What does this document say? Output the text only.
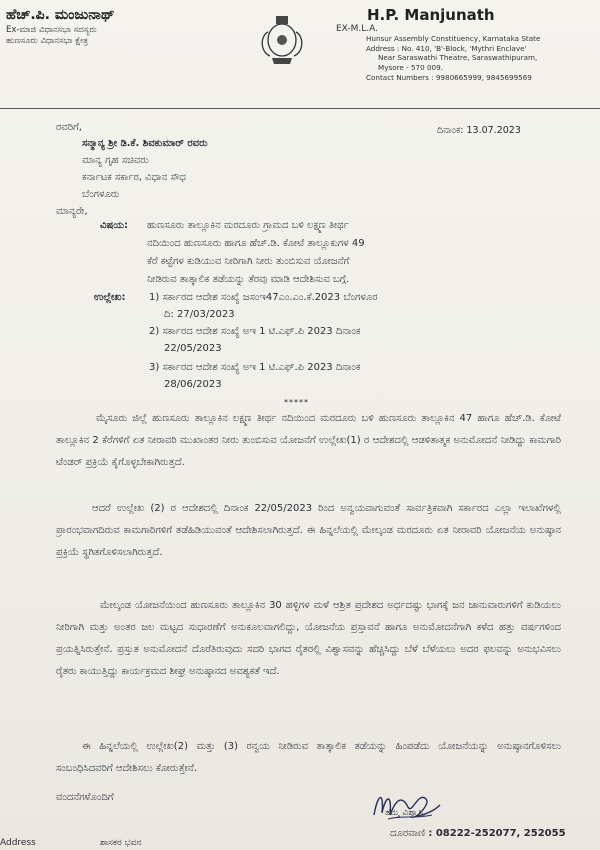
ಹೆಚ್.ಪಿ. ಮಂಜುನಾಥ್
Ex-ಮಾಜಿ ವಿಧಾನಸಭಾ ಸದಸ್ಯರು
ಹುಣಸೂರು ವಿಧಾನಸಭಾ ಕ್ಷೇತ್ರ
H.P. Manjunath
EX-M.L.A.
Hunsur Assembly Constituency, Karnataka State
Address : No. 410, 'B'-Block, 'Mythri Enclave'
Near Saraswathi Theatre, Saraswathipuram,
Mysore - 570 009.
Contact Numbers : 9980665999, 9845699569
ರವರಿಗೆ,	ದಿನಾಂಕ: 13.07.2023
ಸನ್ಮಾನ್ಯ ಶ್ರೀ ಡಿ.ಕೆ. ಶಿವಕುಮಾರ್ ರವರು
ಮಾನ್ಯ ಗೃಹ ಸಚಿವರು
ಕರ್ನಾಟಕ ಸರ್ಕಾರ, ವಿಧಾನ ಸೌಧ
ಬೆಂಗಳೂರು
ಮಾನ್ಯರೇ,
ವಿಷಯ: ಹುಣಸೂರು ತಾಲ್ಲೂಕಿನ ಮರದೂರು ಗ್ರಾಮದ ಬಳಿ ಲಕ್ಷ್ಮಣ ತೀರ್ಥ
ನದಿಯಿಂದ ಹುಣಸೂರು ಹಾಗೂ ಹೆಚ್.ಡಿ. ಕೋಟೆ ತಾಲ್ಲೂಕುಗಳ 49
ಕೆರೆ ಕಟ್ಟೆಗಳ ಕುಡಿಯುವ ನೀರಿಗಾಗಿ ನೀರು ತುಂಬಿಸುವ ಯೋಜನೆಗೆ
ನೀಡಿರುವ ತಾತ್ಕಾಲಿಕ ತಡೆಯನ್ನು ತೆರವು ಮಾಡಿ ಆದೇಶಿಸುವ ಬಗ್ಗೆ.
ಉಲ್ಲೇಖ: 1) ಸರ್ಕಾರದ ಆದೇಶ ಸಂಖ್ಯೆ ಜಸಂಇ47ಎಂ.ಎಂ.ಕೆ.2023 ಬೆಂಗಳೂರ
ದಿ: 27/03/2023
2) ಸರ್ಕಾರದ ಆದೇಶ ಸಂಖ್ಯೆ ಅಇ 1 ಟಿ.ಎಫ್.ಪಿ 2023 ದಿನಾಂಕ
22/05/2023
3) ಸರ್ಕಾರದ ಆದೇಶ ಸಂಖ್ಯೆ ಅಇ 1 ಟಿ.ಎಫ್.ಪಿ 2023 ದಿನಾಂಕ
28/06/2023
*****
ಮೈಸೂರು ಜಿಲ್ಲೆ ಹುಣಸೂರು ತಾಲ್ಲೂಕಿನ ಲಕ್ಷ್ಮಣ ತೀರ್ಥ ನದಿಯಿಂದ ಮರದೂರು ಬಳಿ ಹುಣಸೂರು ತಾಲ್ಲೂಕಿನ 47 ಹಾಗೂ ಹೆಚ್.ಡಿ. ಕೋಟೆ ತಾಲ್ಲೂಕಿನ 2 ಕೆರೆಗಳಿಗೆ ಏತ ನೀರಾವರಿ ಮುಖಾಂತರ ನೀರು ತುಂಬಿಸುವ ಯೋಜನೆಗೆ ಉಲ್ಲೇಖ(1) ರ ಆದೇಶದಲ್ಲಿ ಆಡಳಿತಾತ್ಮಕ ಅನುಮೋದನೆ ನೀಡಿದ್ದು ಕಾಮಗಾರಿ ಟೆಂಡರ್ ಪ್ರಕ್ರಿಯೆ ಕೈಗೊಳ್ಳಬೇಕಾಗಿರುತ್ತದೆ.
ಆದರೆ ಉಲ್ಲೇಖ (2) ರ ಆದೇಶದಲ್ಲಿ ದಿನಾಂಕ 22/05/2023 ರಿಂದ ಅನ್ವಯವಾಗುವಂತೆ ಸಾರ್ವತ್ರಿಕವಾಗಿ ಸರ್ಕಾರದ ಎಲ್ಲಾ ಇಲಾಖೆಗಳಲ್ಲಿ ಪ್ರಾರಂಭವಾಗದಿರುವ ಕಾಮಗಾರಿಗಳಿಗೆ ತಡೆಹಿಡಿಯುವಂತೆ ಆದೇಶಿಸಲಾಗಿರುತ್ತದೆ. ಈ ಹಿನ್ನಲೆಯಲ್ಲಿ ಮೇಲ್ಕಂಡ ಮರದೂರು ಏತ ನೀರಾವರಿ ಯೋಜನೆಯ ಅನುಷ್ಠಾನ ಪ್ರಕ್ರಿಯೆ ಸ್ಥಗಿತಗೊಳಿಸಲಾಗಿರುತ್ತದೆ.
ಮೇಲ್ಕಂಡ ಯೋಜನೆಯಿಂದ ಹುಣಸೂರು ತಾಲ್ಲೂಕಿನ 30 ಹಳ್ಳಿಗಳ ಮಳೆ ಆಶ್ರಿತ ಪ್ರದೇಶದ ಅರ್ಧದಷ್ಟು ಭಾಗಕ್ಕೆ ಜನ ಜಾನುವಾರುಗಳಿಗೆ ಕುಡಿಯಲು ನೀರಿಗಾಗಿ ಮತ್ತು ಅಂತರ ಜಲ ಮಟ್ಟದ ಸುಧಾರಣೆಗೆ ಅನುಕೂಲವಾಗಲಿದ್ದು, ಯೋಜನೆಯ ಪ್ರಸ್ತಾವನೆ ಹಾಗೂ ಅನುಮೋದನೆಗಾಗಿ ಕಳೆದ ಹತ್ತು ವರ್ಷಗಳಿಂದ ಪ್ರಯತ್ನಿಸಿರುತ್ತೇನೆ. ಪ್ರಸ್ತುತ ಅನುಮೋದನೆ ದೊರೆತಿರುವುದು ಸದರಿ ಭಾಗದ ರೈತರಲ್ಲಿ ವಿಶ್ವಾಸವನ್ನು ಹೆಚ್ಚಿಸಿದ್ದು ಬೆಳೆ ಬೆಳೆಯಲು ಅದರ ಫಲವನ್ನು ಅನುಭವಿಸಲು ರೈತರು ಕಾಯುತ್ತಿದ್ದು ಕಾರ್ಯಕ್ರಮದ ಶೀಘ್ರ ಅನುಷ್ಠಾನದ ಅವಶ್ಯಕತೆ ಇದೆ.
ಈ ಹಿನ್ನಲೆಯಲ್ಲಿ ಉಲ್ಲೇಖ(2) ಮತ್ತು (3) ರನ್ವಯ ನೀಡಿರುವ ತಾತ್ಕಾಲಿಕ ತಡೆಯನ್ನು ಹಿಂಪಡೆದು ಯೋಜನೆಯನ್ನು ಅನುಷ್ಠಾನಗೊಳಿಸಲು ಸಂಬಂಧಿಸಿದವರಿಗೆ ಆದೇಶಿಸಲು ಕೋರುತ್ತೇನೆ.
ವಂದನೆಗಳೊಂದಿಗೆ
ತಮ್ಮ ವಿಶ್ವಾಸಿ,
ದೂರವಾಣಿ : 08222-252077, 252055
Address	ಶಾಸಕರ ಭವನ
